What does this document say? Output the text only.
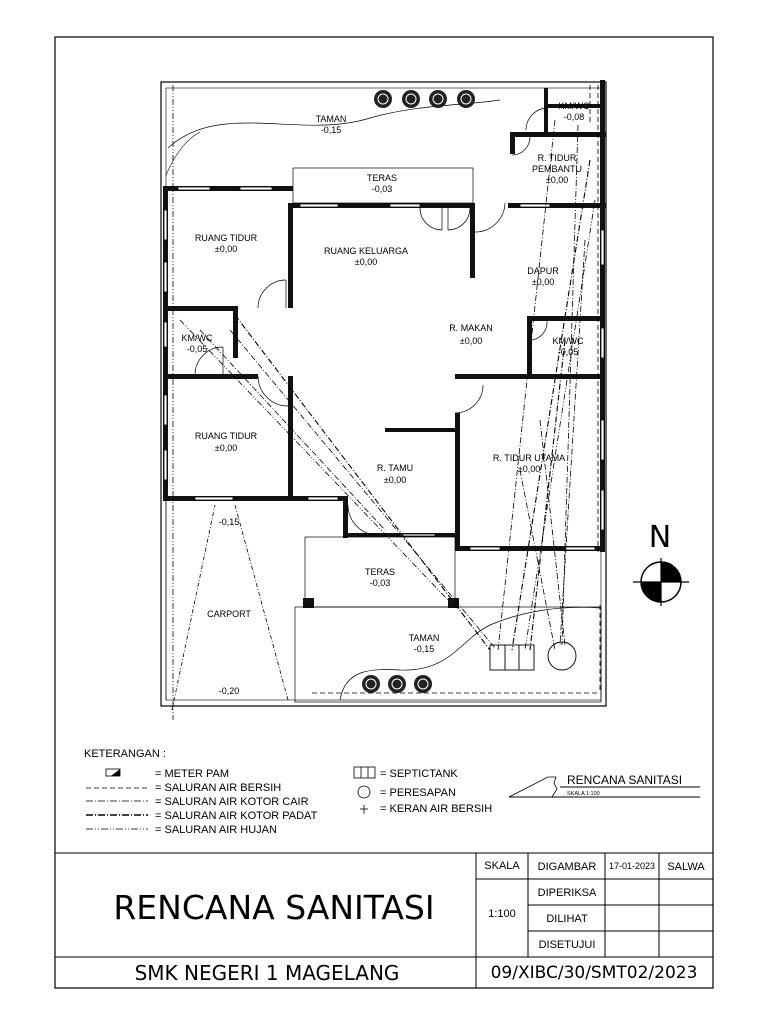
TAMAN
-0,15
KM/WC
-0,08
R. TIDUR
PEMBANTU
±0,00
TERAS
-0,03
RUANG TIDUR
±0,00	RUANG KELUARGA
±0,00
DAPUR
±0,00
KM/WC
-0,05
R. MAKAN
±0,00	KM/WC
-0,05
RUANG TIDUR
±0,00
R. TAMU
±0,00
R. TIDUR UTAMA
±0,00
-0,15
CARPORT
-0,20
TERAS
-0,03
TAMAN
-0,15
N
KETERANGAN :
= METER PAM
= SALURAN AIR BERSIH
= SALURAN AIR KOTOR CAIR
= SALURAN AIR KOTOR PADAT
= SALURAN AIR HUJAN
= SEPTICTANK
= PERESAPAN
= KERAN AIR BERSIH
RENCANA SANITASI
SKALA 1:100
RENCANA SANITASI
SMK NEGERI 1 MAGELANG	09/XIBC/30/SMT02/2023
SKALA
1:100
DIGAMBAR 17-01-2023 SALWA
DIPERIKSA
DILIHAT
DISETUJUI
